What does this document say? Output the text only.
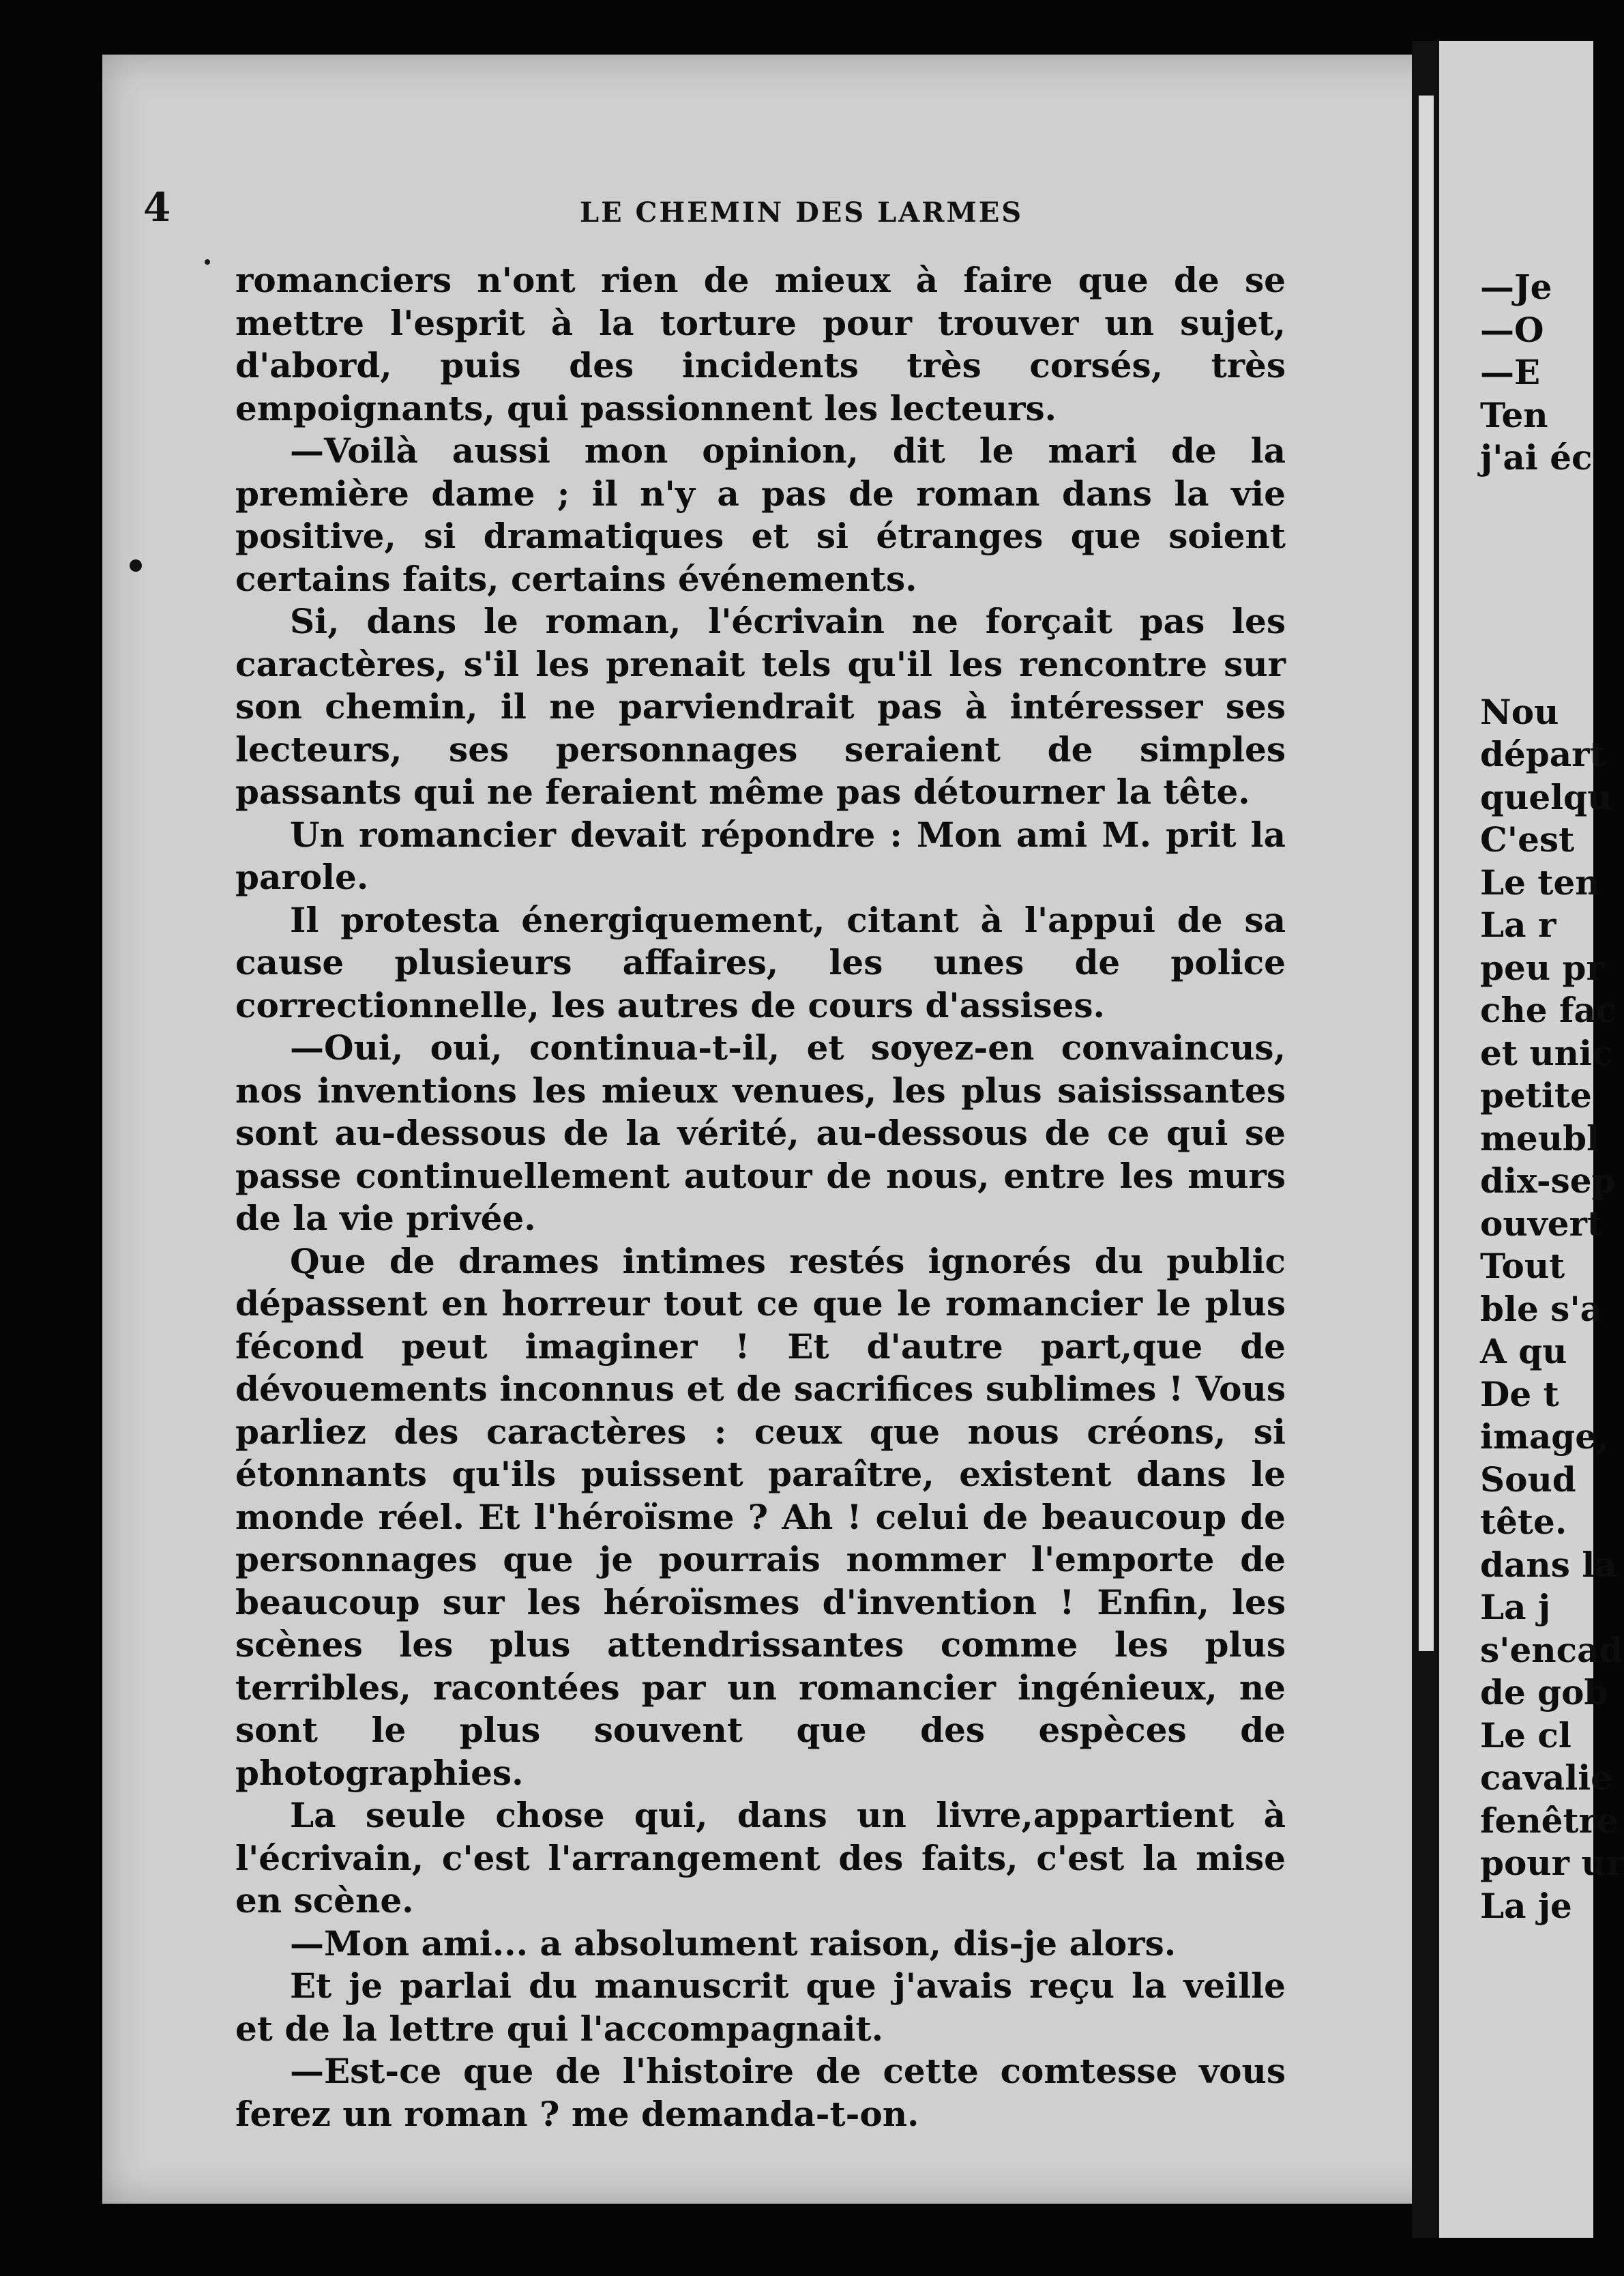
4	LE CHEMIN DES LARMES

romanciers n'ont rien de mieux à faire que de se mettre l'esprit à la torture pour trouver un sujet, d'abord, puis des incidents très corsés, très empoignants, qui passionnent les lecteurs.

—Voilà aussi mon opinion, dit le mari de la première dame ; il n'y a pas de roman dans la vie positive, si dramatiques et si étranges que soient certains faits, certains événements.

Si, dans le roman, l'écrivain ne forçait pas les caractères, s'il les prenait tels qu'il les rencontre sur son chemin, il ne parviendrait pas à intéresser ses lecteurs, ses personnages seraient de simples passants qui ne feraient même pas détourner la tête.

Un romancier devait répondre : Mon ami M. prit la parole.

Il protesta énergiquement, citant à l'appui de sa cause plusieurs affaires, les unes de police correctionnelle, les autres de cours d'assises.

—Oui, oui, continua-t-il, et soyez-en convaincus, nos inventions les mieux venues, les plus saisissantes sont au-dessous de la vérité, au-dessous de ce qui se passe continuellement autour de nous, entre les murs de la vie privée.

Que de drames intimes restés ignorés du public dépassent en horreur tout ce que le romancier le plus fécond peut imaginer ! Et d'autre part,que de dévouements inconnus et de sacrifices sublimes ! Vous parliez des caractères : ceux que nous créons, si étonnants qu'ils puissent paraître, existent dans le monde réel. Et l'héroïsme ? Ah ! celui de beaucoup de personnages que je pourrais nommer l'emporte de beaucoup sur les héroïsmes d'invention ! Enfin, les scènes les plus attendrissantes comme les plus terribles, racontées par un romancier ingénieux, ne sont le plus souvent que des espèces de photographies.

La seule chose qui, dans un livre,appartient à l'écrivain, c'est l'arrangement des faits, c'est la mise en scène.

—Mon ami... a absolument raison, dis-je alors.

Et je parlai du manuscrit que j'avais reçu la veille et de la lettre qui l'accompagnait.

—Est-ce que de l'histoire de cette comtesse vous ferez un roman ? me demanda-t-on.

—Je
—O
—E
Ten
j'ai éc
Nou
départ
quelqu
C'est
Le ten
La r
peu pr
che fac
et unic
petite
meubl
dix-sep
ouvert
Tout
ble s'a
A qu
De t
image,
Soud
tête.
dans la
La j
s'encad
de gob
Le cl
cavalie
fenêtre
pour ur
La je
